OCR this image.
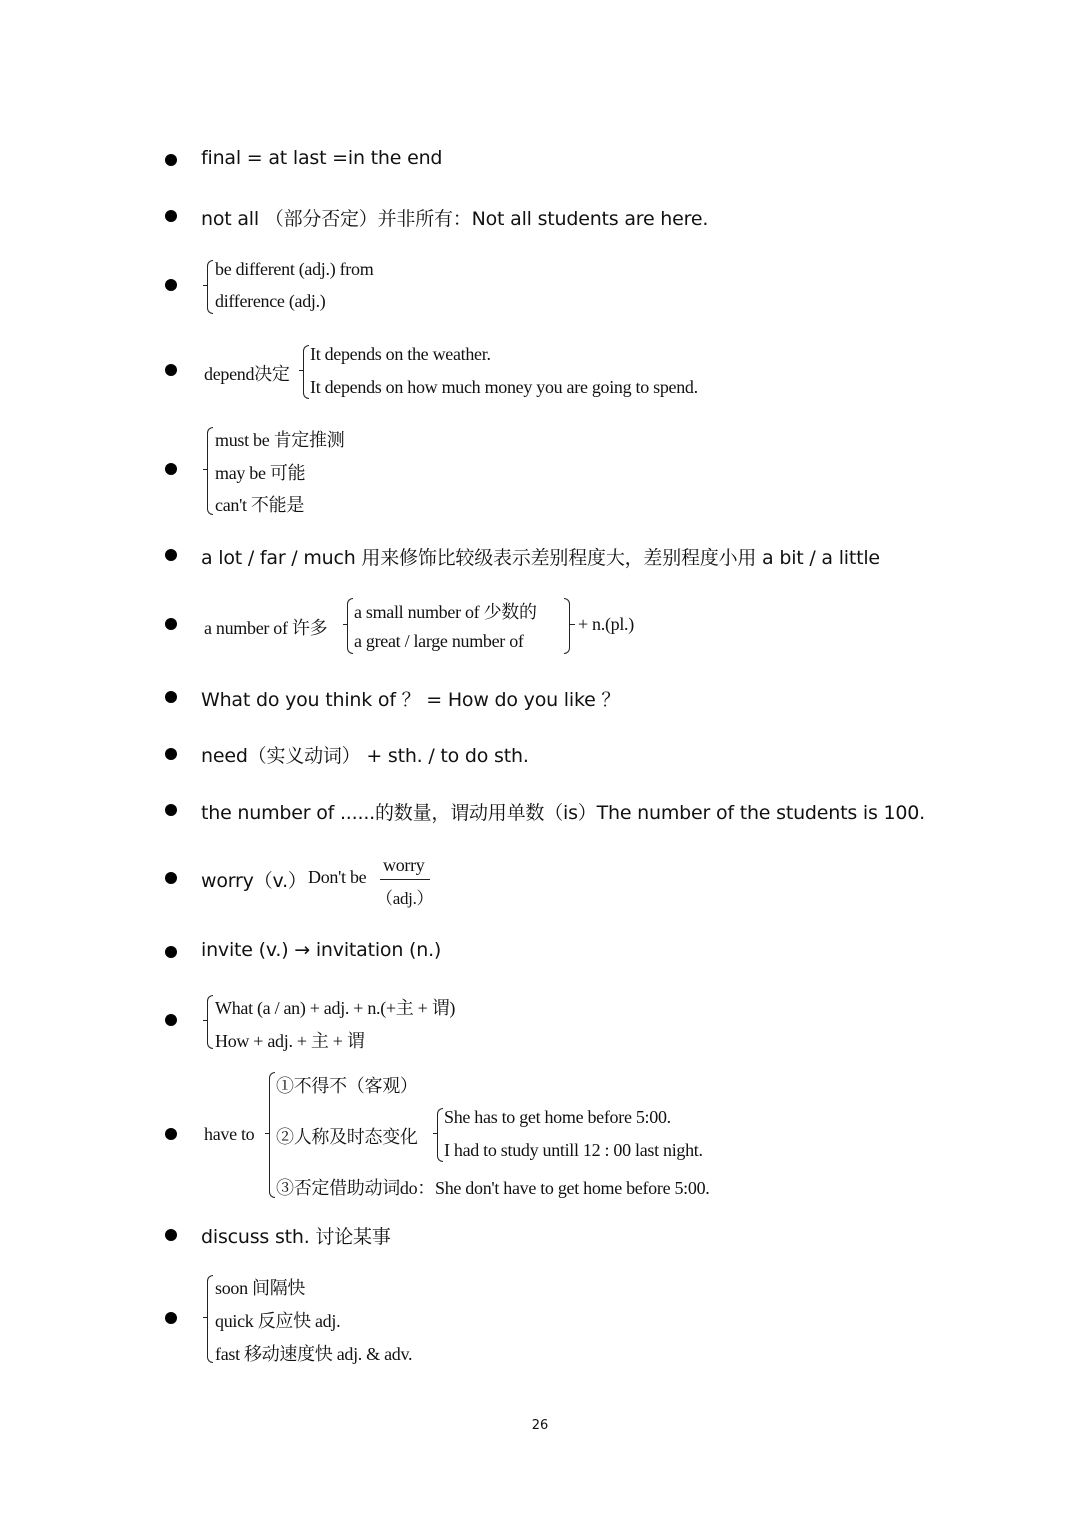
final = at last =in the end
not all （部分否定）并非所有：Not all students are here.
be different (adj.) from
difference (adj.)
depend决定
It depends on the weather.
It depends on how much money you are going to spend.
must be 肯定推测
may be 可能
can't 不能是
a lot / far / much 用来修饰比较级表示差别程度大，差别程度小用 a bit / a little
a number of 许多
a small number of 少数的
a great / large number of
+ n.(pl.)
What do you think of ？ = How do you like ？
need（实义动词） + sth. / to do sth.
the number of ......的数量，谓动用单数（is）The number of the students is 100.
worry（v.） Don't be
worry
（adj.）
invite (v.) → invitation (n.)
What (a / an) + adj. + n.(+主 + 谓)
How + adj. + 主 + 谓
have to
①不得不（客观）
②人称及时态变化
③否定借助动词do：She don't have to get home before 5:00.
She has to get home before 5:00.
I had to study untill 12 : 00 last night.
discuss sth. 讨论某事
soon 间隔快
quick 反应快 adj.
fast 移动速度快 adj. & adv.
26
